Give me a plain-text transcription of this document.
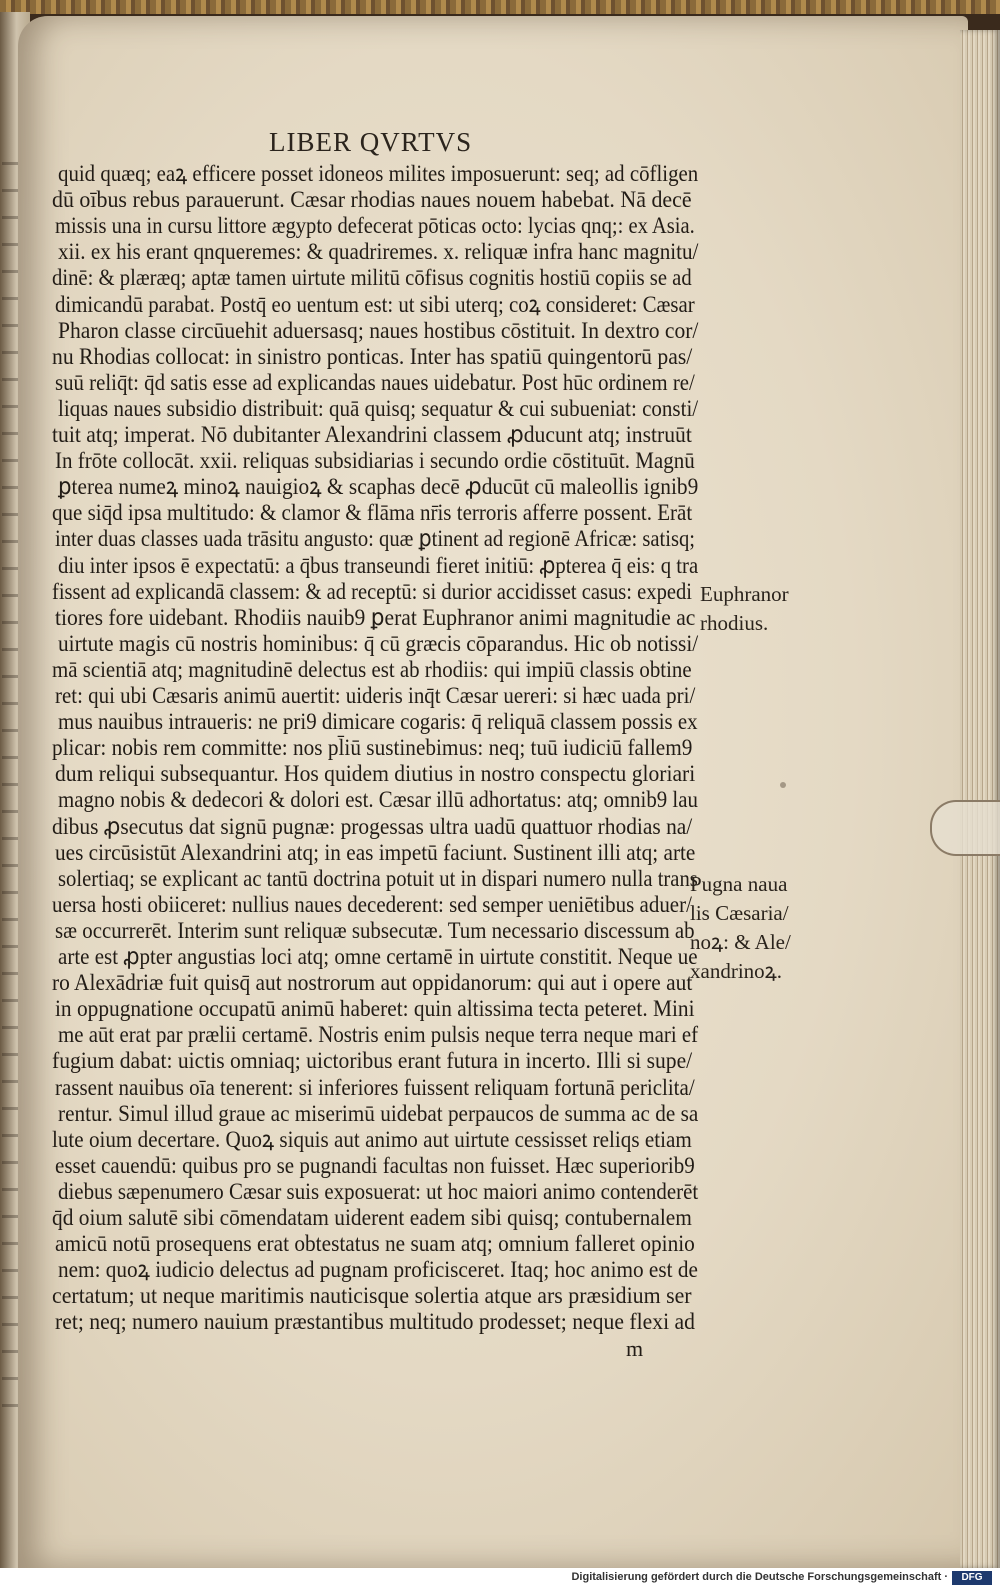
LIBER QVRTVS
quid quæq; eaꝝ efficere posset idoneos milites imposuerunt: seq; ad cōfligen
dū oībus rebus parauerunt. Cæsar rhodias naues nouem habebat. Nā decē
missis una in cursu littore ægypto defecerat pōticas octo: lycias qnq;: ex Asia.
xii. ex his erant qnqueremes: & quadriremes. x. reliquæ infra hanc magnitu/
dinē: & plæræq; aptæ tamen uirtute militū cōfisus cognitis hostiū copiis se ad
dimicandū parabat. Postq̄ eo uentum est: ut sibi uterq; coꝝ consideret: Cæsar
Pharon classe circūuehit aduersasq; naues hostibus cōstituit. In dextro cor/
nu Rhodias collocat: in sinistro ponticas. Inter has spatiū quingentorū pas/
suū reliq̄t: q̄d satis esse ad explicandas naues uidebatur. Post hūc ordinem re/
liquas naues subsidio distribuit: quā quisq; sequatur & cui subueniat: consti/
tuit atq; imperat. Nō dubitanter Alexandrini classem ꝓducunt atq; instruūt
In frōte collocāt. xxii. reliquas subsidiarias i secundo ordie cōstituūt. Magnū
ꝑterea numeꝝ minoꝝ nauigioꝝ & scaphas decē ꝓducūt cū maleollis ignib9
que siq̄d ipsa multitudo: & clamor & flāma nr̄is terroris afferre possent. Erāt
inter duas classes uada trāsitu angusto: quæ ꝑtinent ad regionē Africæ: satisq;
diu inter ipsos ē expectatū: a q̄bus transeundi fieret initiū: ꝓpterea q̄ eis: q tra
fissent ad explicandā classem: & ad receptū: si durior accidisset casus: expedi
tiores fore uidebant. Rhodiis nauib9 ꝑerat Euphranor animi magnitudie ac
uirtute magis cū nostris hominibus: q̄ cū græcis cōparandus. Hic ob notissi/
mā scientiā atq; magnitudinē delectus est ab rhodiis: qui impiū classis obtine
ret: qui ubi Cæsaris animū auertit: uideris inq̄t Cæsar uereri: si hæc uada pri/
mus nauibus intraueris: ne pri9 dimicare cogaris: q̄ reliquā classem possis ex
plicar: nobis rem committe: nos pl̄iū sustinebimus: neq; tuū iudiciū fallem9
dum reliqui subsequantur. Hos quidem diutius in nostro conspectu gloriari
magno nobis & dedecori & dolori est. Cæsar illū adhortatus: atq; omnib9 lau
dibus ꝓsecutus dat signū pugnæ: progessas ultra uadū quattuor rhodias na/
ues circūsistūt Alexandrini atq; in eas impetū faciunt. Sustinent illi atq; arte
solertiaq; se explicant ac tantū doctrina potuit ut in dispari numero nulla trans
uersa hosti obiiceret: nullius naues decederent: sed semper ueniētibus aduer/
sæ occurrerēt. Interim sunt reliquæ subsecutæ. Tum necessario discessum ab
arte est ꝓpter angustias loci atq; omne certamē in uirtute constitit. Neque ue
ro Alexādriæ fuit quisq̄ aut nostrorum aut oppidanorum: qui aut i opere aut
in oppugnatione occupatū animū haberet: quin altissima tecta peteret. Mini
me aūt erat par prælii certamē. Nostris enim pulsis neque terra neque mari ef
fugium dabat: uictis omniaq; uictoribus erant futura in incerto. Illi si supe/
rassent nauibus oīa tenerent: si inferiores fuissent reliquam fortunā periclita/
rentur. Simul illud graue ac miserimū uidebat perpaucos de summa ac de sa
lute oium decertare. Quoꝝ siquis aut animo aut uirtute cessisset reliqs etiam
esset cauendū: quibus pro se pugnandi facultas non fuisset. Hæc superiorib9
diebus sæpenumero Cæsar suis exposuerat: ut hoc maiori animo contenderēt
q̄d oium salutē sibi cōmendatam uiderent eadem sibi quisq; contubernalem
amicū notū prosequens erat obtestatus ne suam atq; omnium falleret opinio
nem: quoꝝ iudicio delectus ad pugnam proficisceret. Itaq; hoc animo est de
certatum; ut neque maritimis nauticisque solertia atque ars præsidium ser
ret; neq; numero nauium præstantibus multitudo prodesset; neque flexi ad
Euphranor
rhodius.
Pugna naua
lis Cæsaria/
noꝝ: & Ale/
xandrinoꝝ.
m
Digitalisierung gefördert durch die Deutsche Forschungsgemeinschaft ·	DFG
